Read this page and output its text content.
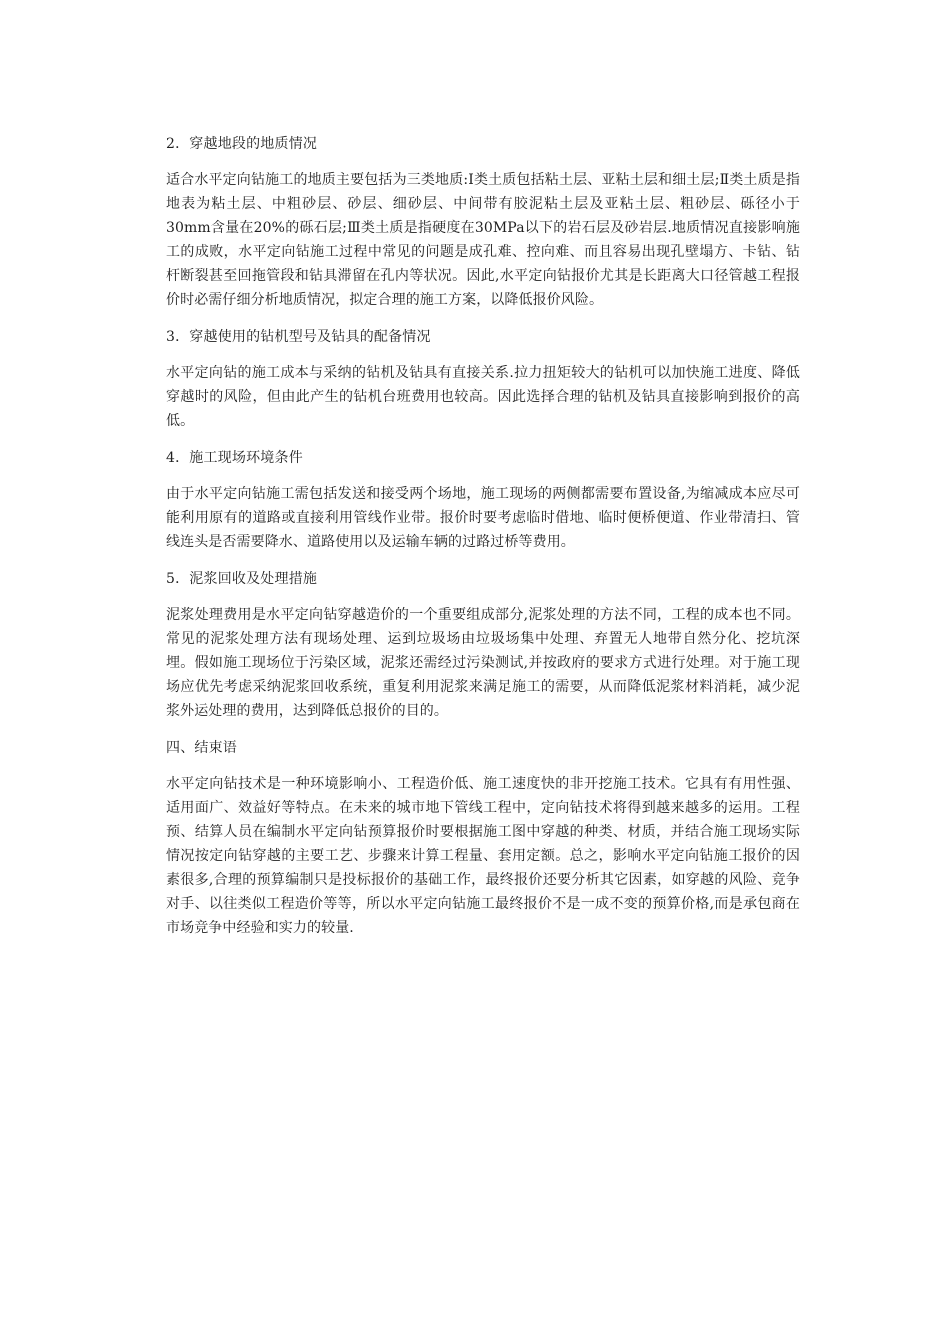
2．穿越地段的地质情况

适合水平定向钻施工的地质主要包括为三类地质:Ⅰ类土质包括粘土层、亚粘土层和细土层;Ⅱ类土质是指地表为粘土层、中粗砂层、砂层、细砂层、中间带有胶泥粘土层及亚粘土层、粗砂层、砾径小于30mm含量在20%的砾石层;Ⅲ类土质是指硬度在30MPa以下的岩石层及砂岩层.地质情况直接影响施工的成败，水平定向钻施工过程中常见的问题是成孔难、控向难、而且容易出现孔壁塌方、卡钻、钻杆断裂甚至回拖管段和钻具滞留在孔内等状况。因此,水平定向钻报价尤其是长距离大口径管越工程报价时必需仔细分析地质情况，拟定合理的施工方案，以降低报价风险。

3．穿越使用的钻机型号及钻具的配备情况

水平定向钻的施工成本与采纳的钻机及钻具有直接关系.拉力扭矩较大的钻机可以加快施工进度、降低穿越时的风险，但由此产生的钻机台班费用也较高。因此选择合理的钻机及钻具直接影响到报价的高低。

4．施工现场环境条件

由于水平定向钻施工需包括发送和接受两个场地，施工现场的两侧都需要布置设备,为缩减成本应尽可能利用原有的道路或直接利用管线作业带。报价时要考虑临时借地、临时便桥便道、作业带清扫、管线连头是否需要降水、道路使用以及运输车辆的过路过桥等费用。

5．泥浆回收及处理措施

泥浆处理费用是水平定向钻穿越造价的一个重要组成部分,泥浆处理的方法不同，工程的成本也不同。常见的泥浆处理方法有现场处理、运到垃圾场由垃圾场集中处理、弃置无人地带自然分化、挖坑深埋。假如施工现场位于污染区域，泥浆还需经过污染测试,并按政府的要求方式进行处理。对于施工现场应优先考虑采纳泥浆回收系统，重复利用泥浆来满足施工的需要，从而降低泥浆材料消耗，减少泥浆外运处理的费用，达到降低总报价的目的。

四、结束语

水平定向钻技术是一种环境影响小、工程造价低、施工速度快的非开挖施工技术。它具有有用性强、适用面广、效益好等特点。在未来的城市地下管线工程中，定向钻技术将得到越来越多的运用。工程预、结算人员在编制水平定向钻预算报价时要根据施工图中穿越的种类、材质，并结合施工现场实际情况按定向钻穿越的主要工艺、步骤来计算工程量、套用定额。总之，影响水平定向钻施工报价的因素很多,合理的预算编制只是投标报价的基础工作，最终报价还要分析其它因素，如穿越的风险、竞争对手、以往类似工程造价等等，所以水平定向钻施工最终报价不是一成不变的预算价格,而是承包商在市场竞争中经验和实力的较量.
